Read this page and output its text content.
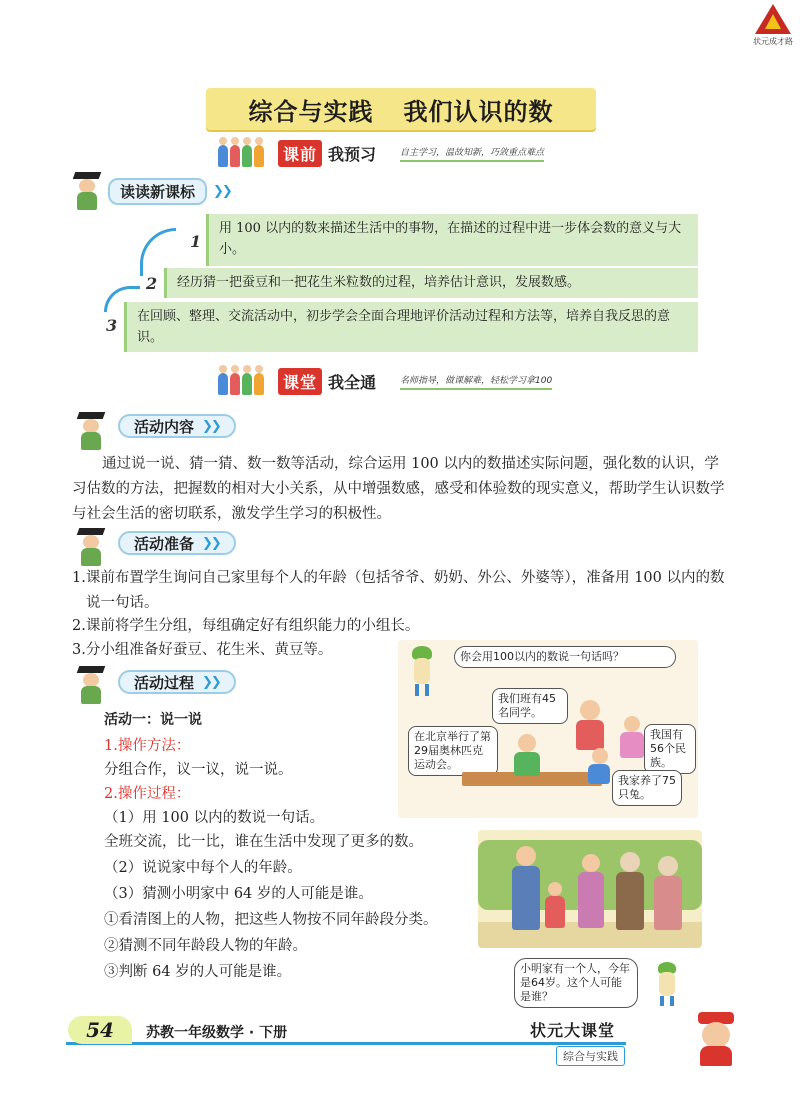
状元成才路
综合与实践 我们认识的数
课前 我预习	自主学习，温故知新，巧敛重点难点
读读新课标	❯❯
1
用 100 以内的数来描述生活中的事物，在描述的过程中进一步体会数的意义与大小。
2	经历猜一把蚕豆和一把花生米粒数的过程，培养估计意识，发展数感。
3	在回顾、整理、交流活动中，初步学会全面合理地评价活动过程和方法等，培养自我反思的意识。
课堂 我全通	名师指导，做课解难，轻松学习拿100
活动内容 ❯❯
通过说一说、猜一猜、数一数等活动，综合运用 100 以内的数描述实际问题，强化数的认识，学习估数的方法，把握数的相对大小关系，从中增强数感，感受和体验数的现实意义，帮助学生认识数学与社会生活的密切联系，激发学生学习的积极性。
活动准备 ❯❯
1.课前布置学生询问自己家里每个人的年龄（包括爷爷、奶奶、外公、外婆等），准备用 100 以内的数说一句话。
2.课前将学生分组，每组确定好有组织能力的小组长。
3.分小组准备好蚕豆、花生米、黄豆等。
活动过程 ❯❯
活动一：说一说
1.操作方法：
分组合作，议一议，说一说。
2.操作过程：
（1）用 100 以内的数说一句话。
全班交流，比一比，谁在生活中发现了更多的数。
（2）说说家中每个人的年龄。
（3）猜测小明家中 64 岁的人可能是谁。
①看清图上的人物，把这些人物按不同年龄段分类。
②猜测不同年龄段人物的年龄。
③判断 64 岁的人可能是谁。
你会用100以内的数说一句话吗？
我们班有45名同学。
在北京举行了第29届奥林匹克运动会。
我国有56个民族。
我家养了75只兔。
小明家有一个人，今年是64岁。这个人可能是谁？
54	苏教一年级数学 · 下册	状元大课堂
综合与实践
